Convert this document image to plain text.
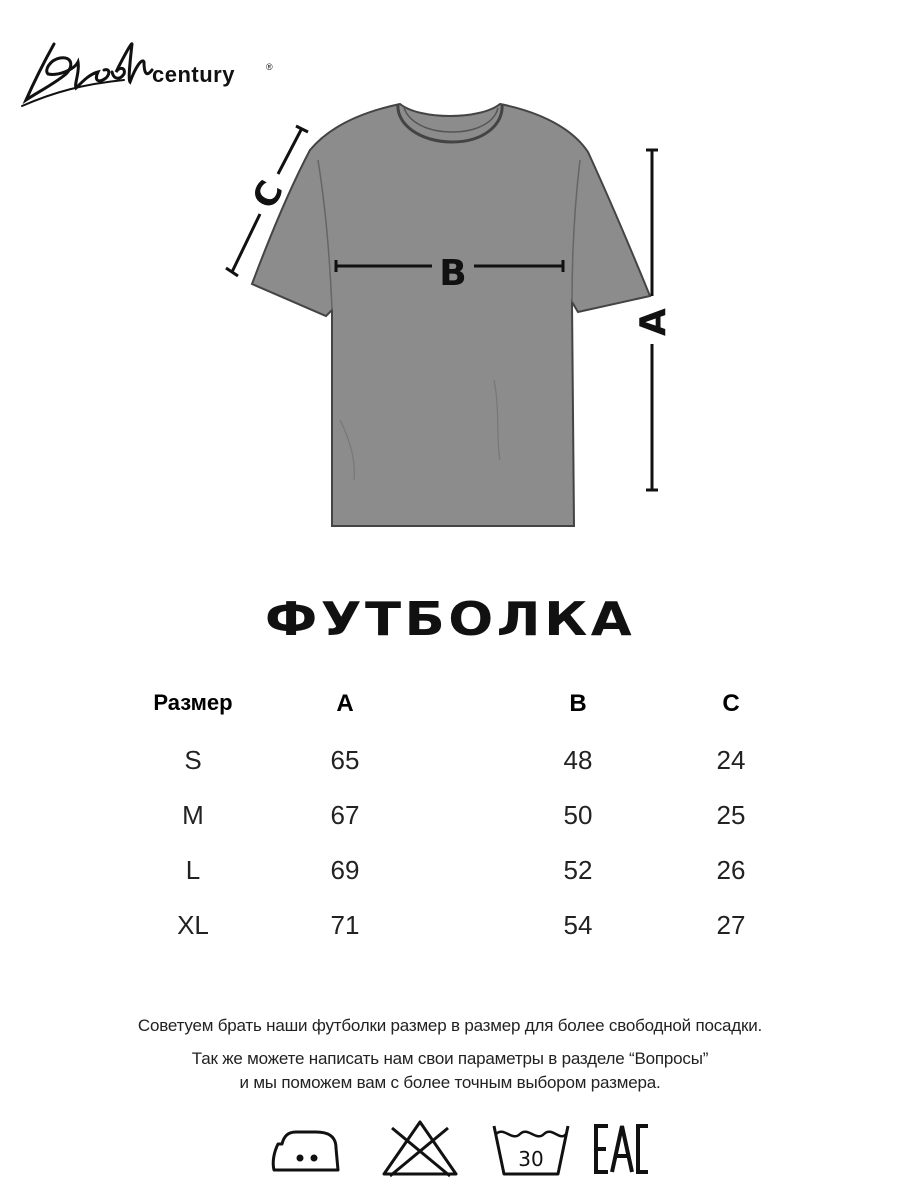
century	®
B
A
C
ФУТБОЛКА
Размер	A	B	C
S	65	48	24
M	67	50	25
L	69	52	26
XL	71	54	27
Советуем брать наши футболки размер в размер для более свободной посадки.
Так же можете написать нам свои параметры в разделе “Вопросы”
и мы поможем вам с более точным выбором размера.
30
